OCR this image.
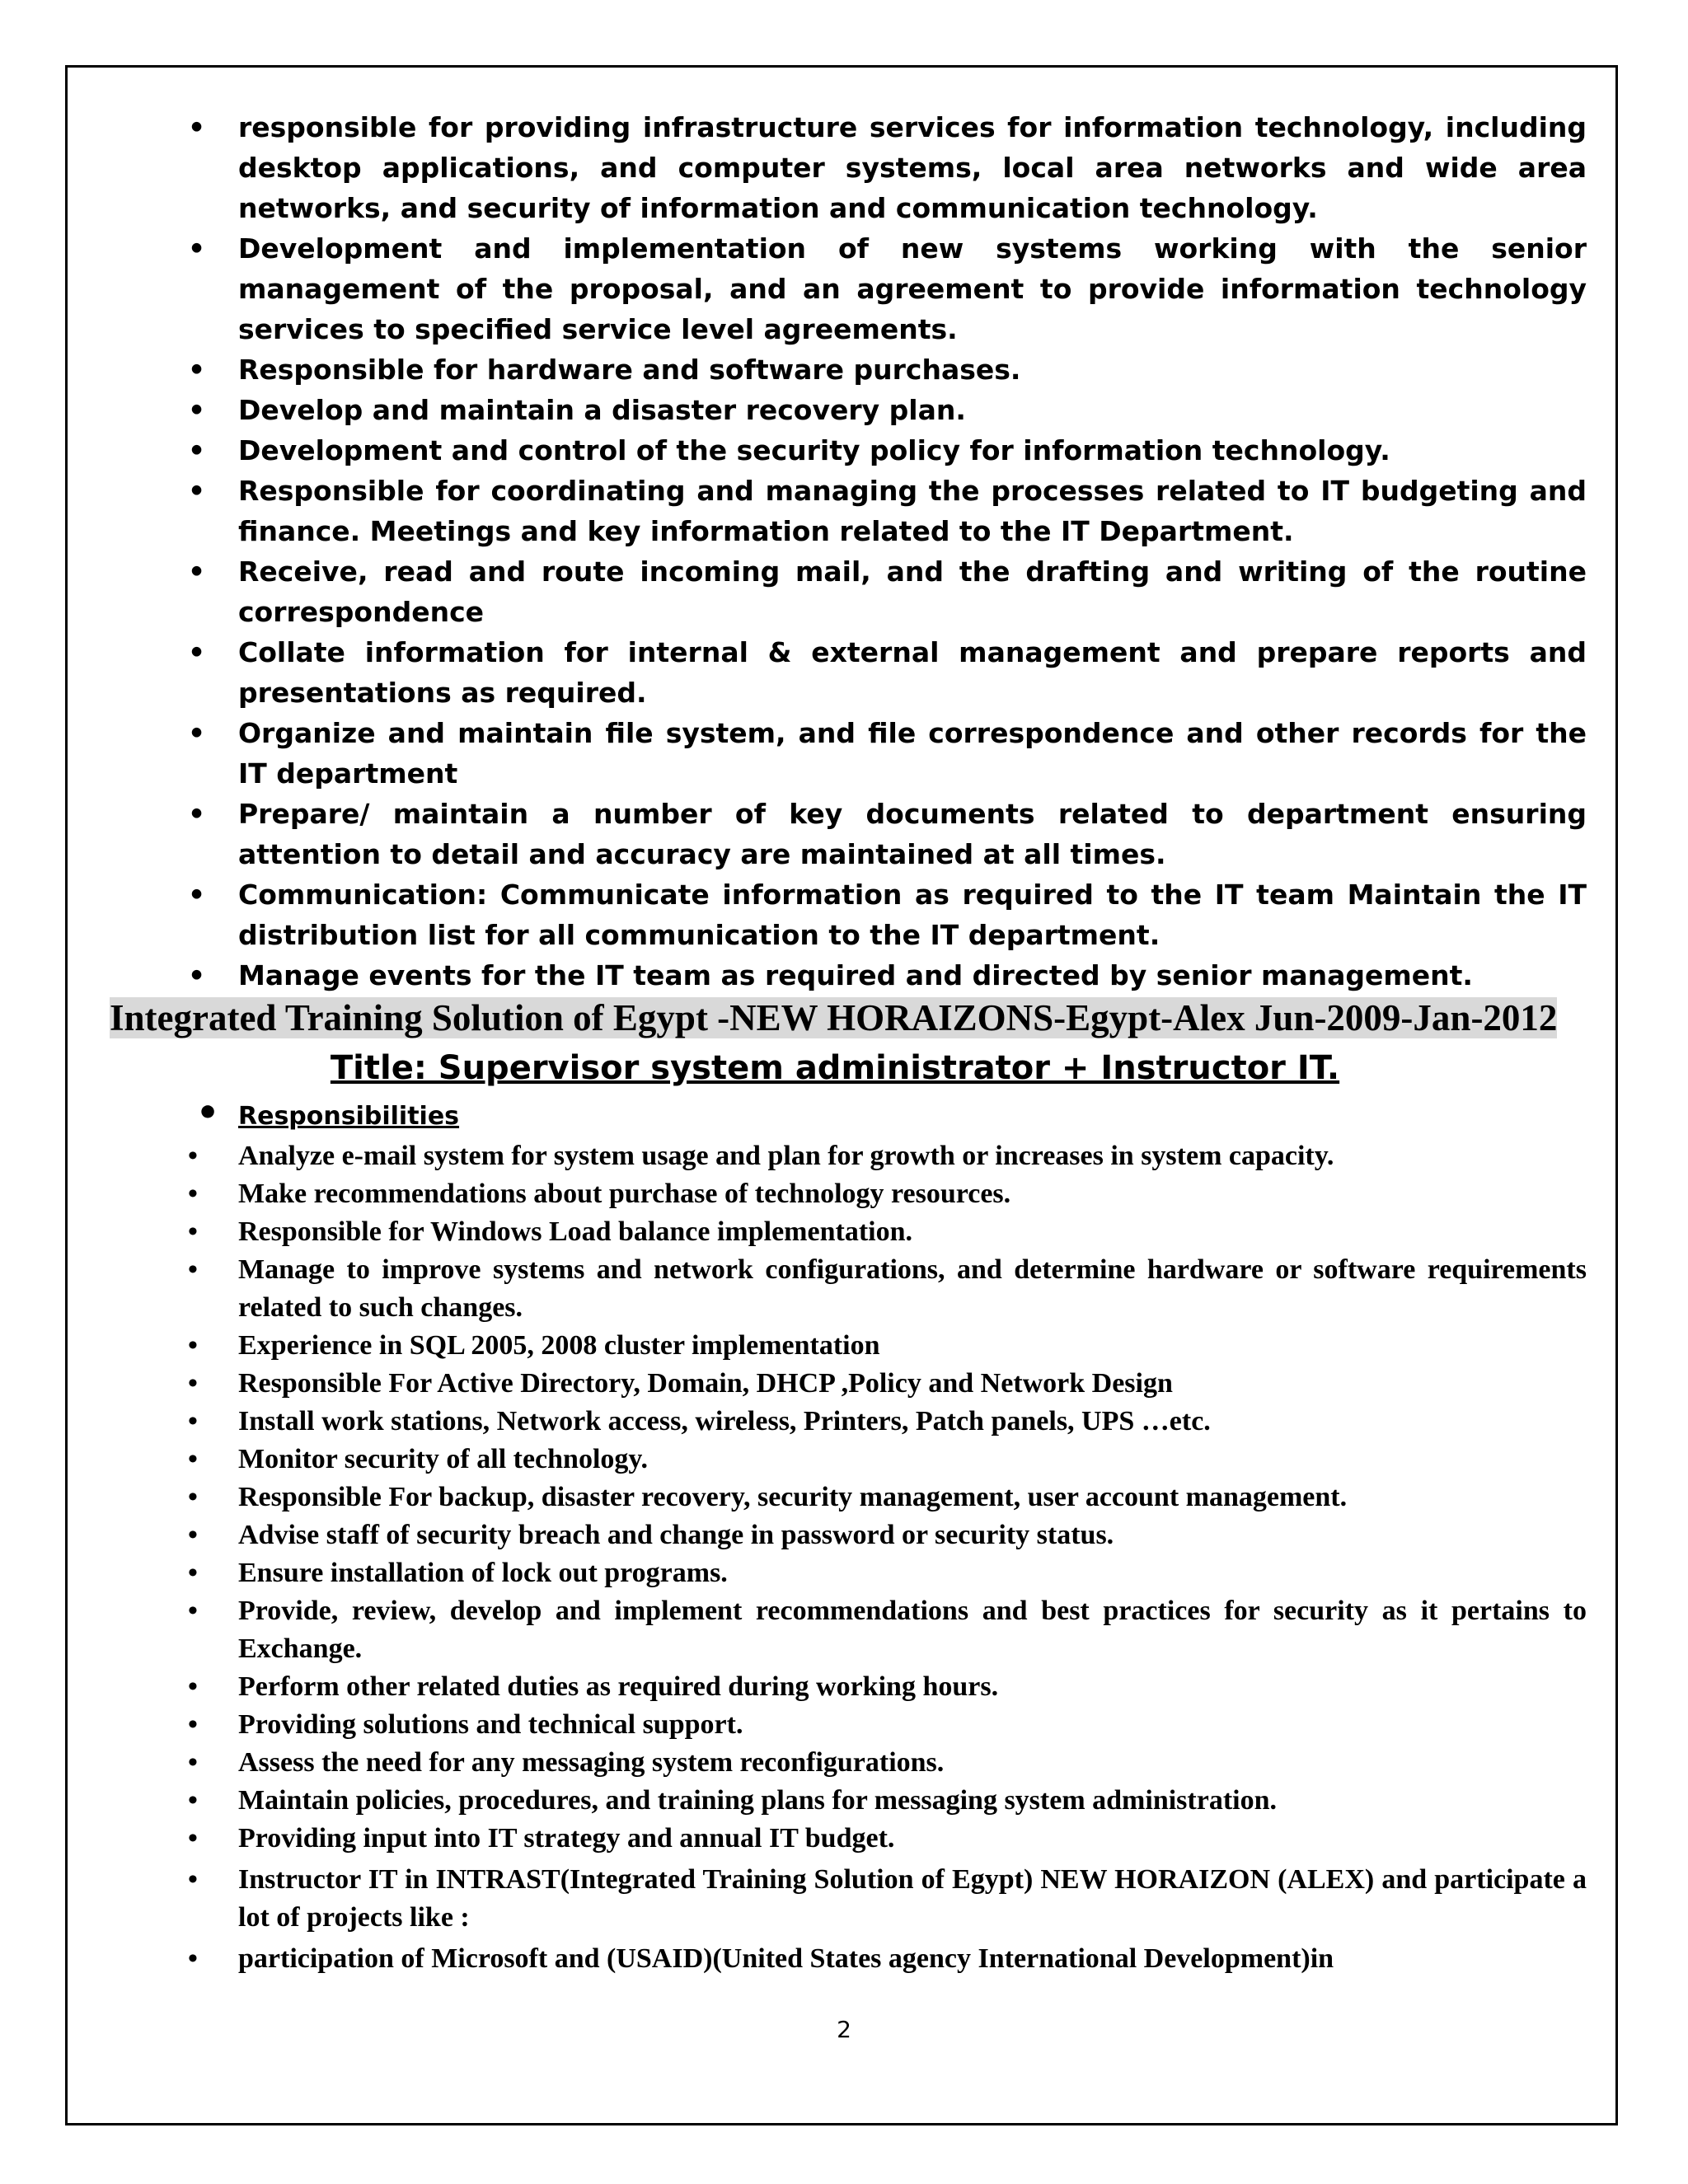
• responsible for providing infrastructure services for information technology, including desktop applications, and computer systems, local area networks and wide area networks, and security of information and communication technology.
• Development and implementation of new systems working with the senior management of the proposal, and an agreement to provide information technology services to specified service level agreements.
• Responsible for hardware and software purchases.
• Develop and maintain a disaster recovery plan.
• Development and control of the security policy for information technology.
• Responsible for coordinating and managing the processes related to IT budgeting and finance. Meetings and key information related to the IT Department.
• Receive, read and route incoming mail, and the drafting and writing of the routine correspondence
• Collate information for internal & external management and prepare reports and presentations as required.
• Organize and maintain file system, and file correspondence and other records for the IT department
• Prepare/ maintain a number of key documents related to department ensuring attention to detail and accuracy are maintained at all times.
• Communication: Communicate information as required to the IT team Maintain the IT distribution list for all communication to the IT department.
• Manage events for the IT team as required and directed by senior management.
Integrated Training Solution of Egypt -NEW HORAIZONS-Egypt-Alex Jun-2009-Jan-2012
Title: Supervisor system administrator + Instructor IT.
• Responsibilities
• Analyze e-mail system for system usage and plan for growth or increases in system capacity.
• Make recommendations about purchase of technology resources.
• Responsible for Windows Load balance implementation.
• Manage to improve systems and network configurations, and determine hardware or software requirements related to such changes.
• Experience in SQL 2005, 2008 cluster implementation
• Responsible For Active Directory, Domain, DHCP ,Policy and Network Design
• Install work stations, Network access, wireless, Printers, Patch panels, UPS …etc.
• Monitor security of all technology.
• Responsible For backup, disaster recovery, security management, user account management.
• Advise staff of security breach and change in password or security status.
• Ensure installation of lock out programs.
• Provide, review, develop and implement recommendations and best practices for security as it pertains to Exchange.
• Perform other related duties as required during working hours.
• Providing solutions and technical support.
• Assess the need for any messaging system reconfigurations.
• Maintain policies, procedures, and training plans for messaging system administration.
• Providing input into IT strategy and annual IT budget.
• Instructor IT in INTRAST(Integrated Training Solution of Egypt) NEW HORAIZON (ALEX) and participate a lot of projects like :
• participation of Microsoft and (USAID)(United States agency International Development)in
2
